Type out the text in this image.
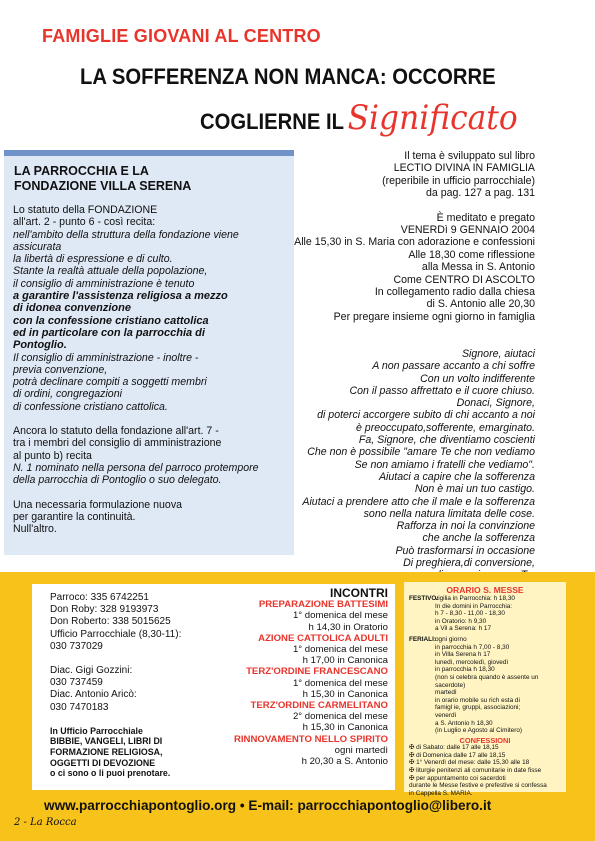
FAMIGLIE GIOVANI AL CENTRO
LA SOFFERENZA NON MANCA: OCCORRE
COGLIERNE IL Significato
LA PARROCCHIA E LA
FONDAZIONE VILLA SERENA
Lo statuto della FONDAZIONE
all'art. 2 - punto 6 - così recita:
nell'ambito della struttura della fondazione viene
assicurata
la libertà di espressione e di culto.
Stante la realtà attuale della popolazione,
il consiglio di amministrazione è tenuto
a garantire l'assistenza religiosa a mezzo
di idonea convenzione
con la confessione cristiano cattolica
ed in particolare con la parrocchia di
Pontoglio.
Il consiglio di amministrazione - inoltre -
previa convenzione,
potrà declinare compiti a soggetti membri
di ordini, congregazioni
di confessione cristiano cattolica.
Ancora lo statuto della fondazione all'art. 7 -
tra i membri del consiglio di amministrazione
al punto b) recita
N. 1 nominato nella persona del parroco protempore
della parrocchia di Pontoglio o suo delegato.
Una necessaria formulazione nuova
per garantire la continuità.
Null'altro.
Il tema è sviluppato sul libro
LECTIO DIVINA IN FAMIGLIA
(reperibile in ufficio parrocchiale)
da pag. 127 a pag. 131
È meditato e pregato
VENERDì 9 GENNAIO 2004
Alle 15,30 in S. Maria con adorazione e confessioni
Alle 18,30 come riflessione
alla Messa in S. Antonio
Come CENTRO DI ASCOLTO
In collegamento radio dalla chiesa
di S. Antonio alle 20,30
Per pregare insieme ogni giorno in famiglia
Signore, aiutaci
A non passare accanto a chi soffre
Con un volto indifferente
Con il passo affrettato e il cuore chiuso.
Donaci, Signore,
di poterci accorgere subito di chi accanto a noi
è preoccupato,sofferente, emarginato.
Fa, Signore, che diventiamo coscienti
Che non è possibile "amare Te che non vediamo
Se non amiamo i fratelli che vediamo".
Aiutaci a capire che la sofferenza
Non è mai un tuo castigo.
Aiutaci a prendere atto che il male e la sofferenza
sono nella natura limitata delle cose.
Rafforza in noi la convinzione
che anche la sofferenza
Può trasformarsi in occasione
Di preghiera,di conversione,
Parroco: 335 6742251
Don Roby: 328 9193973
Don Roberto: 338 5015625
Ufficio Parrocchiale (8,30-11):
030 737029
Diac. Gigi Gozzini:
030 737459
Diac. Antonio Aricò:
030 7470183
In Ufficio Parrocchiale
BIBBIE, VANGELI, LIBRI DI
FORMAZIONE RELIGIOSA,
OGGETTI DI DEVOZIONE
o ci sono o li puoi prenotare.
INCONTRI
PREPARAZIONE BATTESIMI
1° domenica del mese
h 14,30 in Oratorio
AZIONE CATTOLICA ADULTI
1° domenica del mese
h 17,00 in Canonica
TERZ'ORDINE FRANCESCANO
1° domenica del mese
h 15,30 in Canonica
TERZ'ORDINE CARMELITANO
2° domenica del mese
h 15,30 in Canonica
RINNOVAMENTO NELLO SPIRITO
ogni martedì
h 20,30 a S. Antonio
ORARIO S. MESSE
FESTIVO:
vigilia in Parrocchia: h 18,30
In die domini in Parrocchia:
h 7 - 8,30 - 11,00 - 18,30
in Oratorio: h 9,30
a Vil a Serena: h 17
FERIALI: ogni giorno
in parrocchia h 7,00 - 8,30
in Villa Serena h 17
lunedì, mercoledì, giovedì
in parrocchia h 18,30
(non si celebra quando è assente un sacerdote)
martedì
in orario mobile su rich esta di
famigl ie, gruppi, associazioni;
venerdì
a S. Antonio h 18,30
(in Luglio e Agosto al Cimitero)
CONFESSIONI
✠ di Sabato: dalle 17 alle 18,15
✠ di Domenica dalle 17 alle 18,15
✠ 1° Venerdì del mese: dalle 15,30 alle 18
✠ liturgie penitenzi ali comunitarie in date fisse
✠ per appuntamento coi sacerdoti
durante le Messe festive e prefestive si confessa
in Cappella S. MARIA.
www.parrocchiapontoglio.org • E-mail: parrocchiapontoglio@libero.it
2 - La Rocca
